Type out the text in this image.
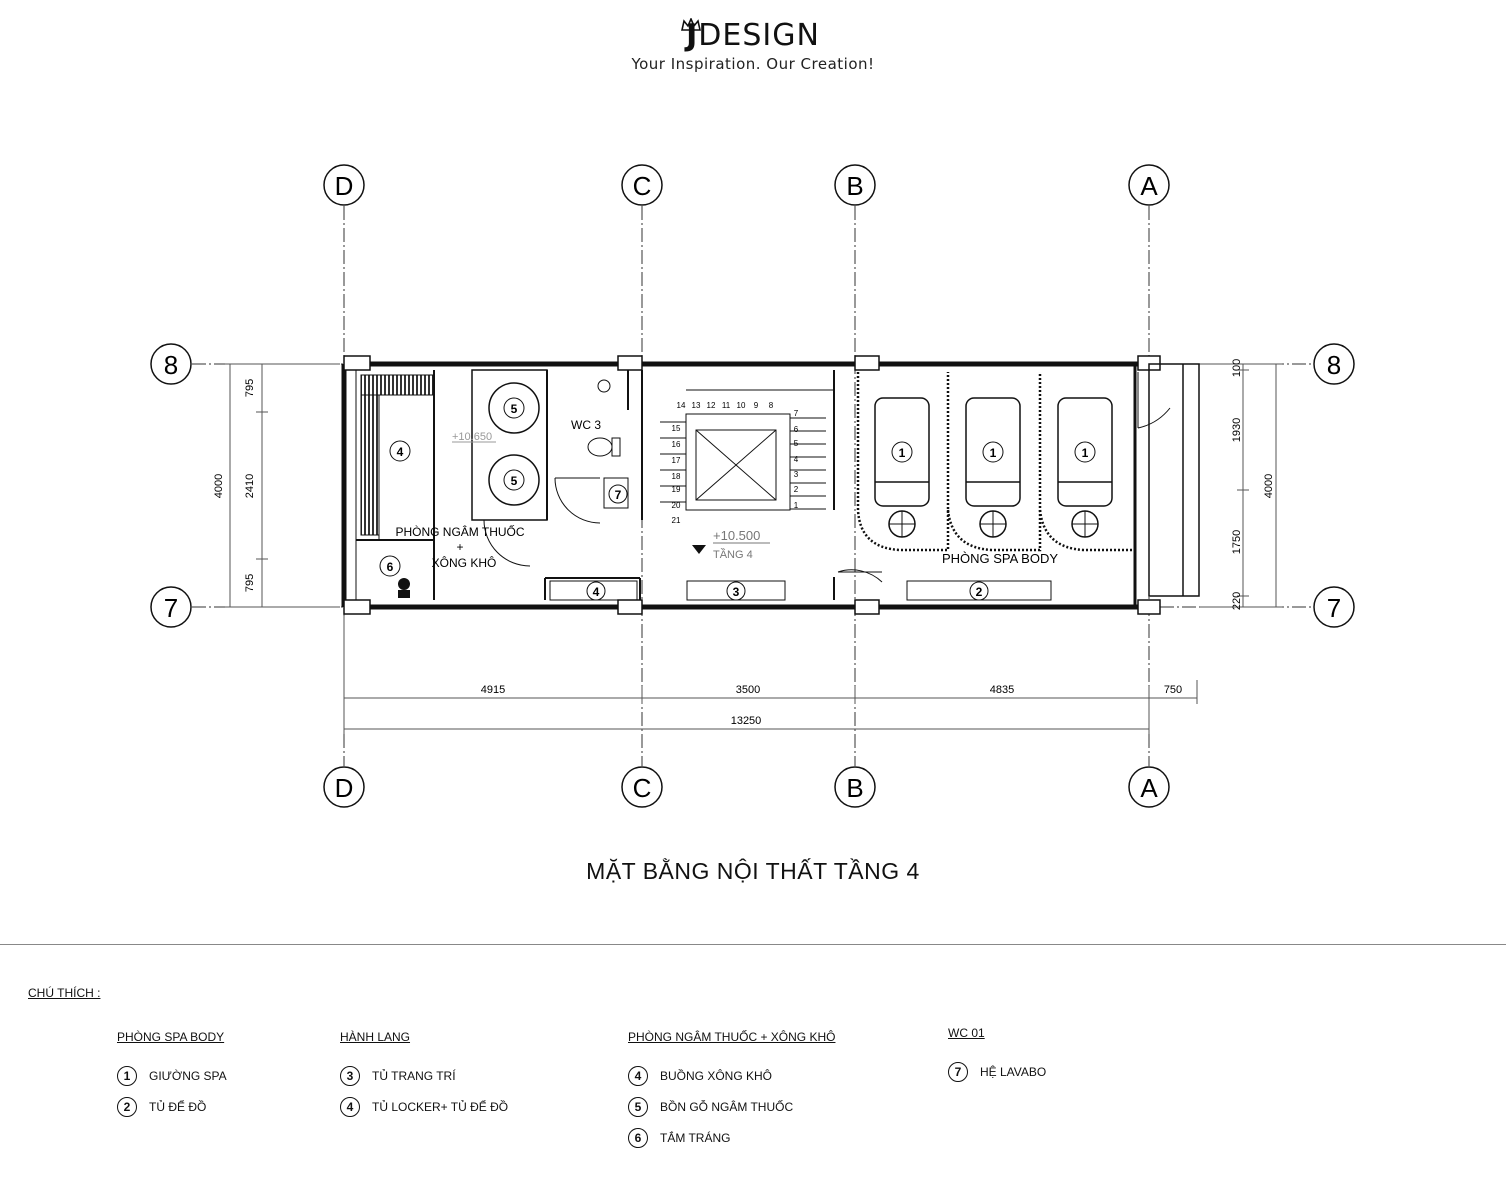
JDESIGN
Your Inspiration. Our Creation!
D	C	B	A
D	C	B	A
8
7
8
7
4
5
5
+10.650
WC 3
7
6
PHÒNG NGÂM THUỐC
+
XÔNG KHÔ
4
14 13 12 11 10 9 8
15
16
17
18
19
20
21
7
6
5
4
3
2
1
+10.500
TẦNG 4
3
1	1	1
PHÒNG SPA BODY
2
4915	3500	4835	750
13250
795
2410
795
4000
100
1930
1750
220
4000
MẶT BẰNG NỘI THẤT TẦNG 4
CHÚ THÍCH :
PHÒNG SPA BODY
1	GIƯỜNG SPA
2	TỦ ĐỂ ĐỒ
HÀNH LANG
3	TỦ TRANG TRÍ
4	TỦ LOCKER+ TỦ ĐỂ ĐỒ
PHÒNG NGÂM THUỐC + XÔNG KHÔ
4	BUỒNG XÔNG KHÔ
5	BỒN GỖ NGÂM THUỐC
6	TẮM TRÁNG
WC 01
7	HỆ LAVABO
